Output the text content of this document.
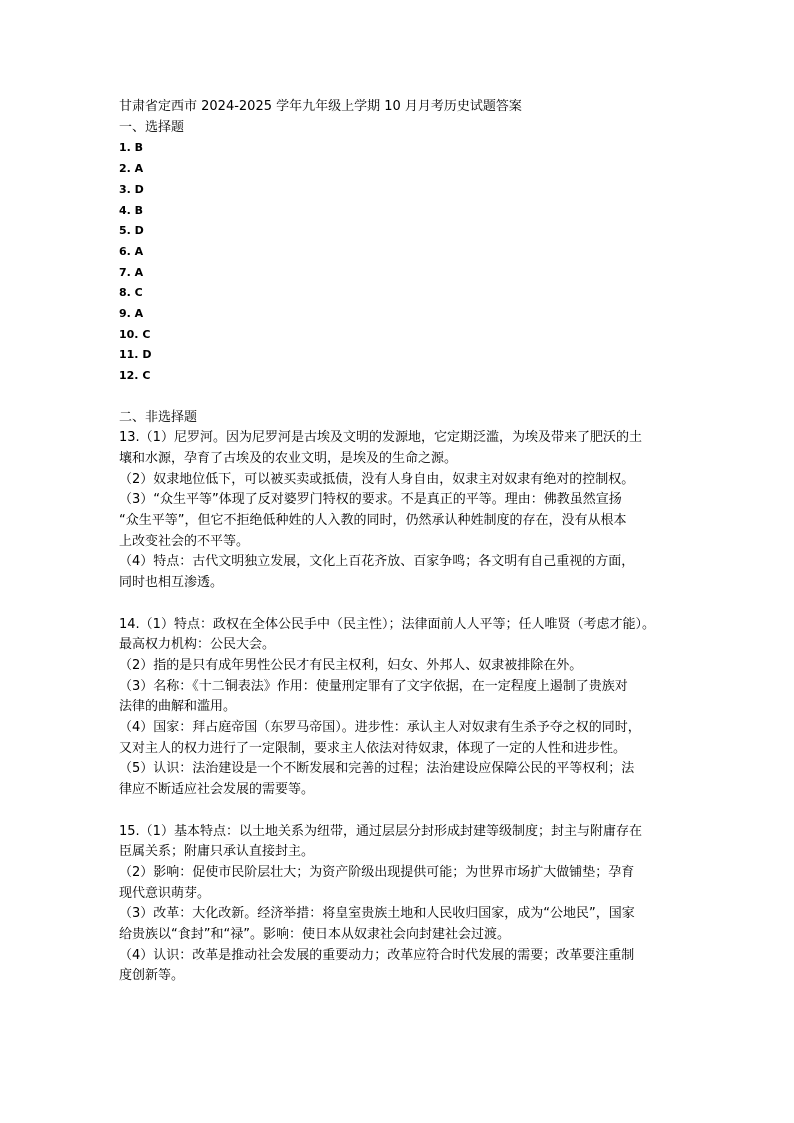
甘肃省定西市 2024-2025 学年九年级上学期 10 月月考历史试题答案
一、选择题
1. B
2. A
3. D
4. B
5. D
6. A
7. A
8. C
9. A
10. C
11. D
12. C
二、非选择题
13.（1）尼罗河。因为尼罗河是古埃及文明的发源地，它定期泛滥，为埃及带来了肥沃的土
壤和水源，孕育了古埃及的农业文明，是埃及的生命之源。
（2）奴隶地位低下，可以被买卖或抵债，没有人身自由，奴隶主对奴隶有绝对的控制权。
（3）“众生平等”体现了反对婆罗门特权的要求。不是真正的平等。理由：佛教虽然宣扬
“众生平等”，但它不拒绝低种姓的人入教的同时，仍然承认种姓制度的存在，没有从根本
上改变社会的不平等。
（4）特点：古代文明独立发展，文化上百花齐放、百家争鸣；各文明有自己重视的方面，
同时也相互渗透。
14.（1）特点：政权在全体公民手中（民主性）；法律面前人人平等；任人唯贤（考虑才能）。
最高权力机构：公民大会。
（2）指的是只有成年男性公民才有民主权利，妇女、外邦人、奴隶被排除在外。
（3）名称：《十二铜表法》作用：使量刑定罪有了文字依据，在一定程度上遏制了贵族对
法律的曲解和滥用。
（4）国家：拜占庭帝国（东罗马帝国）。进步性：承认主人对奴隶有生杀予夺之权的同时，
又对主人的权力进行了一定限制，要求主人依法对待奴隶，体现了一定的人性和进步性。
（5）认识：法治建设是一个不断发展和完善的过程；法治建设应保障公民的平等权利；法
律应不断适应社会发展的需要等。
15.（1）基本特点：以土地关系为纽带，通过层层分封形成封建等级制度；封主与附庸存在
臣属关系；附庸只承认直接封主。
（2）影响：促使市民阶层壮大；为资产阶级出现提供可能；为世界市场扩大做铺垫；孕育
现代意识萌芽。
（3）改革：大化改新。经济举措：将皇室贵族土地和人民收归国家，成为“公地民”，国家
给贵族以“食封”和“禄”。影响：使日本从奴隶社会向封建社会过渡。
（4）认识：改革是推动社会发展的重要动力；改革应符合时代发展的需要；改革要注重制
度创新等。
